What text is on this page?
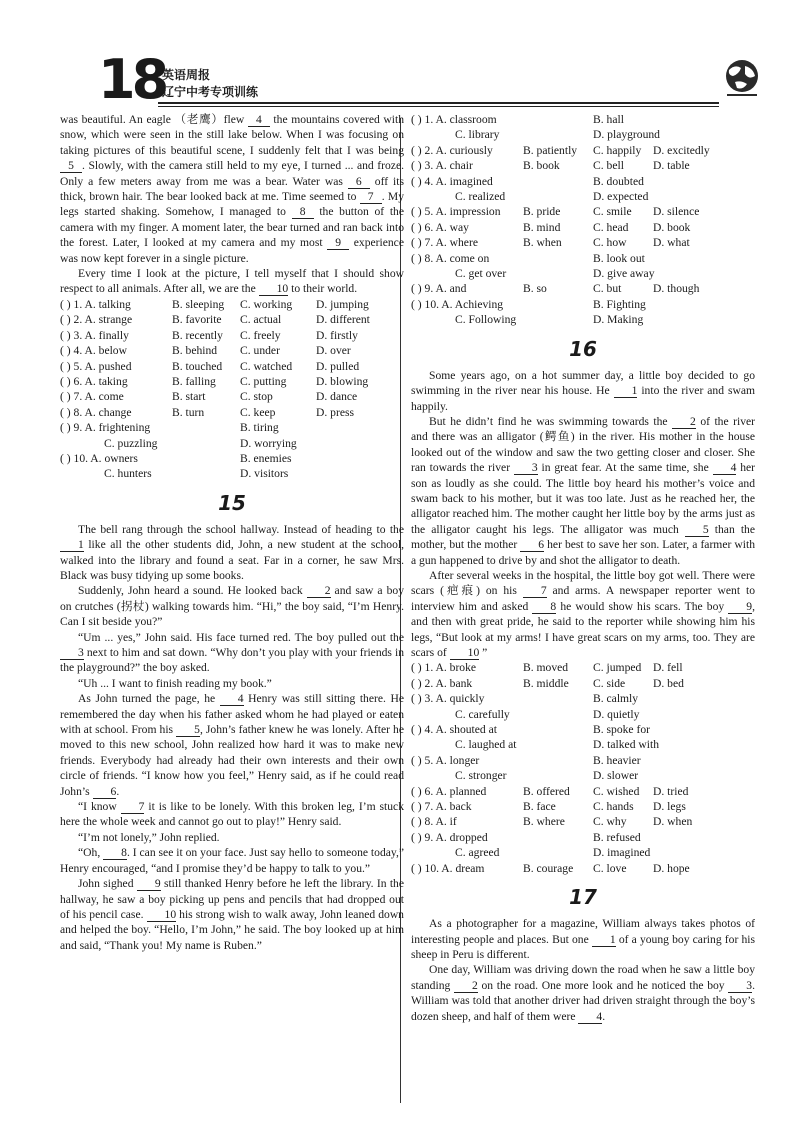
18
英语周报
辽宁中考专项训练

was beautiful. An eagle （老鹰）flew 4 the mountains covered with snow, which were seen in the still lake below. When I was focusing on taking pictures of this beautiful scene, I suddenly felt that I was being 5 . Slowly, with the camera still held to my eye, I turned ... and froze. Only a few meters away from me was a bear. Water was 6 off its thick, brown hair. The bear looked back at me. Time seemed to 7 . My legs started shaking. Somehow, I managed to 8 the button of the camera with my finger. A moment later, the bear turned and ran back into the forest. Later, I looked at my camera and my most 9 experience was now kept forever in a single picture.

Every time I look at the picture, I tell myself that I should show respect to all animals. After all, we are the 10 to their world.

( ) 1. A. talking	B. sleeping	C. working	D. jumping
( ) 2. A. strange	B. favorite	C. actual	D. different
( ) 3. A. finally	B. recently	C. freely	D. firstly
( ) 4. A. below	B. behind	C. under	D. over
( ) 5. A. pushed	B. touched	C. watched	D. pulled
( ) 6. A. taking	B. falling	C. putting	D. blowing
( ) 7. A. come	B. start	C. stop	D. dance
( ) 8. A. change	B. turn	C. keep	D. press
( ) 9. A. frightening	B. tiring
C. puzzling	D. worrying
( ) 10. A. owners	B. enemies
C. hunters	D. visitors
15

The bell rang through the school hallway. Instead of heading to the 1 like all the other students did, John, a new student at the school, walked into the library and found a seat. Far in a corner, he saw Mrs. Black was busy tidying up some books.

Suddenly, John heard a sound. He looked back 2 and saw a boy on crutches (拐杖) walking towards him. “Hi,” the boy said, “I’m Henry. Can I sit beside you?”

“Um ... yes,” John said. His face turned red. The boy pulled out the 3 next to him and sat down. “Why don’t you play with your friends in the playground?” the boy asked.

“Uh ... I want to finish reading my book.”

As John turned the page, he 4 Henry was still sitting there. He remembered the day when his father asked whom he had played or eaten with at school. From his 5, John’s father knew he was lonely. After he moved to this new school, John realized how hard it was to make new friends. Everybody had already had their own interests and their own circle of friends. “I know how you feel,” Henry said, as if he could read John’s 6.

“I know 7 it is like to be lonely. With this broken leg, I’m stuck here the whole week and cannot go out to play!” Henry said.

“I’m not lonely,” John replied.

“Oh, 8. I can see it on your face. Just say hello to someone today,” Henry encouraged, “and I promise they’d be happy to talk to you.”

John sighed 9 still thanked Henry before he left the library. In the hallway, he saw a boy picking up pens and pencils that had dropped out of his pencil case. 10 his strong wish to walk away, John leaned down and helped the boy. “Hello, I’m John,” he said. The boy looked up at him and said, “Thank you! My name is Ruben.”

( ) 1. A. classroom	B. hall
C. library	D. playground
( ) 2. A. curiously	B. patiently	C. happily	D. excitedly
( ) 3. A. chair	B. book	C. bell	D. table
( ) 4. A. imagined	B. doubted
C. realized	D. expected
( ) 5. A. impression	B. pride	C. smile	D. silence
( ) 6. A. way	B. mind	C. head	D. book
( ) 7. A. where	B. when	C. how	D. what
( ) 8. A. come on	B. look out
C. get over	D. give away
( ) 9. A. and	B. so	C. but	D. though
( ) 10. A. Achieving	B. Fighting
C. Following	D. Making
16

Some years ago, on a hot summer day, a little boy decided to go swimming in the river near his house. He 1 into the river and swam happily.

But he didn’t find he was swimming towards the 2 of the river and there was an alligator (鳄鱼) in the river. His mother in the house looked out of the window and saw the two getting closer and closer. She ran towards the river 3 in great fear. At the same time, she 4 her son as loudly as she could. The little boy heard his mother’s voice and swam back to his mother, but it was too late. Just as he reached her, the alligator reached him. The mother caught her little boy by the arms just as the alligator caught his legs. The alligator was much 5 than the mother, but the mother 6 her best to save her son. Later, a farmer with a gun happened to drive by and shot the alligator to death.

After several weeks in the hospital, the little boy got well. There were scars (疤痕) on his 7 and arms. A newspaper reporter went to interview him and asked 8 he would show his scars. The boy 9, and then with great pride, he said to the reporter while showing him his legs, “But look at my arms! I have great scars on my arms, too. They are scars of 10 ”

( ) 1. A. broke	B. moved	C. jumped	D. fell
( ) 2. A. bank	B. middle	C. side	D. bed
( ) 3. A. quickly	B. calmly
C. carefully	D. quietly
( ) 4. A. shouted at	B. spoke for
C. laughed at	D. talked with
( ) 5. A. longer	B. heavier
C. stronger	D. slower
( ) 6. A. planned	B. offered	C. wished	D. tried
( ) 7. A. back	B. face	C. hands	D. legs
( ) 8. A. if	B. where	C. why	D. when
( ) 9. A. dropped	B. refused
C. agreed	D. imagined
( ) 10. A. dream	B. courage	C. love	D. hope
17

As a photographer for a magazine, William always takes photos of interesting people and places. But one 1 of a young boy caring for his sheep in Peru is different.

One day, William was driving down the road when he saw a little boy standing 2 on the road. One more look and he noticed the boy 3. William was told that another driver had driven straight through the boy’s dozen sheep, and half of them were 4.
